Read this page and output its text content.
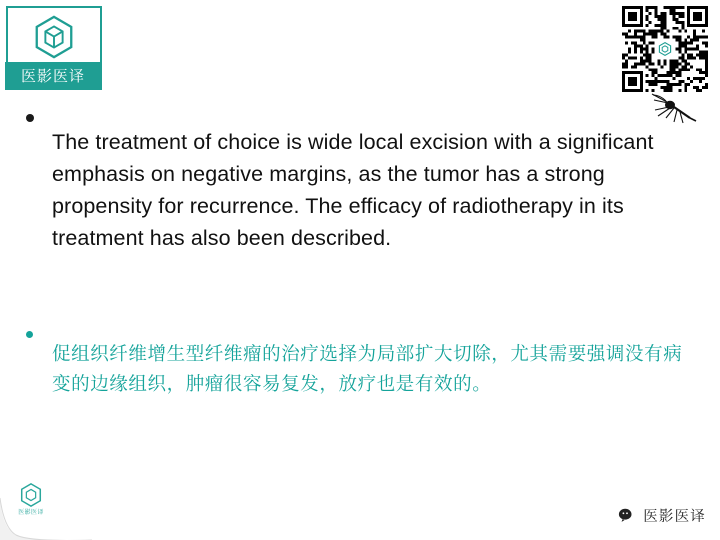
医影医译

The treatment of choice is wide local excision with a significant emphasis on negative margins, as the tumor has a strong propensity for recurrence. The efficacy of radiotherapy in its treatment has also been described.

促组织纤维增生型纤维瘤的治疗选择为局部扩大切除，尤其需要强调没有病变的边缘组织，肿瘤很容易复发，放疗也是有效的。

医影医译	医影医译
